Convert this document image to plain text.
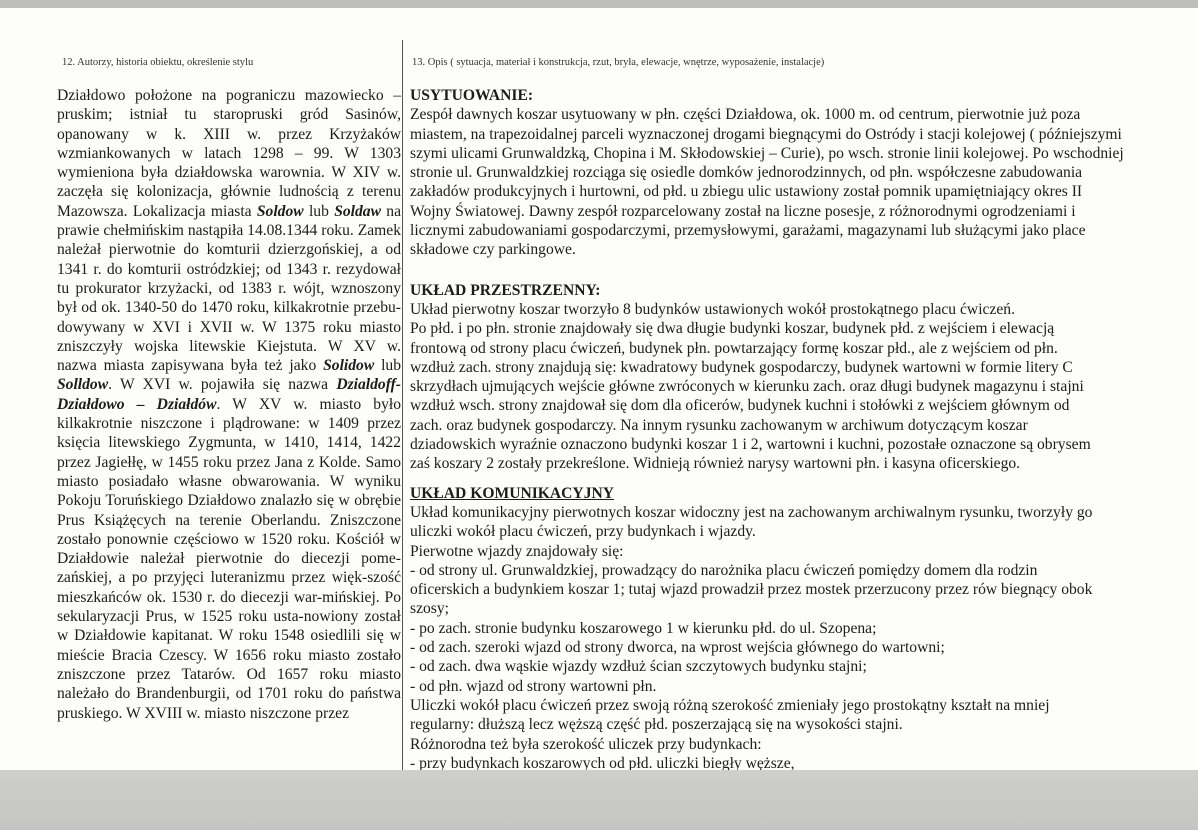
12. Autorzy, historia obiektu, określenie stylu	13. Opis ( sytuacja, materiał i konstrukcja, rzut, bryła, elewacje, wnętrze, wyposażenie, instalacje)

Działdowo położone na pograniczu mazowiecko – pruskim; istniał tu staropruski gród Sasinów, opanowany w k. XIII w. przez Krzyżaków wzmiankowanych w latach 1298 – 99. W 1303 wymieniona była działdowska warownia. W XIV w. zaczęła się kolonizacja, głównie ludnością z terenu Mazowsza. Lokalizacja miasta Soldow lub Soldaw na prawie chełmińskim nastąpiła 14.08.1344 roku. Zamek należał pierwotnie do komturii dzierzgońskiej, a od 1341 r. do komturii ostródzkiej; od 1343 r. rezydował tu prokurator krzyżacki, od 1383 r. wójt, wznoszony był od ok. 1340-50 do 1470 roku, kilkakrotnie przebu-dowywany w XVI i XVII w. W 1375 roku miasto zniszczyły wojska litewskie Kiejstuta. W XV w. nazwa miasta zapisywana była też jako Solidow lub Solldow. W XVI w. pojawiła się nazwa Dzialdoff- Działdowo – Działdów. W XV w. miasto było kilkakrotnie niszczone i plądrowane: w 1409 przez księcia litewskiego Zygmunta, w 1410, 1414, 1422 przez Jagiełłę, w 1455 roku przez Jana z Kolde. Samo miasto posiadało własne obwarowania. W wyniku Pokoju Toruńskiego Działdowo znalazło się w obrębie Prus Książęcych na terenie Oberlandu. Zniszczone zostało ponownie częściowo w 1520 roku. Kościół w Działdowie należał pierwotnie do diecezji pome-zańskiej, a po przyjęci luteranizmu przez więk-szość mieszkańców ok. 1530 r. do diecezji war-mińskiej. Po sekularyzacji Prus, w 1525 roku usta-nowiony został w Działdowie kapitanat. W roku 1548 osiedlili się w mieście Bracia Czescy. W 1656 roku miasto zostało zniszczone przez Tatarów. Od 1657 roku miasto należało do Brandenburgii, od 1701 roku do państwa pruskiego. W XVIII w. miasto niszczone przez

USYTUOWANIE:
Zespół dawnych koszar usytuowany w płn. części Działdowa, ok. 1000 m. od centrum, pierwotnie już poza
miastem, na trapezoidalnej parceli wyznaczonej drogami biegnącymi do Ostródy i stacji kolejowej ( późniejszymi
szymi ulicami Grunwaldzką, Chopina i M. Skłodowskiej – Curie), po wsch. stronie linii kolejowej. Po wschodniej
stronie ul. Grunwaldzkiej rozciąga się osiedle domków jednorodzinnych, od płn. współczesne zabudowania
zakładów produkcyjnych i hurtowni, od płd. u zbiegu ulic ustawiony został pomnik upamiętniający okres II
Wojny Światowej. Dawny zespół rozparcelowany został na liczne posesje, z różnorodnymi ogrodzeniami i
licznymi zabudowaniami gospodarczymi, przemysłowymi, garażami, magazynami lub służącymi jako place
składowe czy parkingowe.
UKŁAD PRZESTRZENNY:
Układ pierwotny koszar tworzyło 8 budynków ustawionych wokół prostokątnego placu ćwiczeń.
Po płd. i po płn. stronie znajdowały się dwa długie budynki koszar, budynek płd. z wejściem i elewacją
frontową od strony placu ćwiczeń, budynek płn. powtarzający formę koszar płd., ale z wejściem od płn.
wzdłuż zach. strony znajdują się: kwadratowy budynek gospodarczy, budynek wartowni w formie litery C
skrzydłach ujmujących wejście główne zwróconych w kierunku zach. oraz długi budynek magazynu i stajni
wzdłuż wsch. strony znajdował się dom dla oficerów, budynek kuchni i stołówki z wejściem głównym od
zach. oraz budynek gospodarczy. Na innym rysunku zachowanym w archiwum dotyczącym koszar
dziadowskich wyraźnie oznaczono budynki koszar 1 i 2, wartowni i kuchni, pozostałe oznaczone są obrysem
zaś koszary 2 zostały przekreślone. Widnieją również narysy wartowni płn. i kasyna oficerskiego.
UKŁAD KOMUNIKACYJNY
Układ komunikacyjny pierwotnych koszar widoczny jest na zachowanym archiwalnym rysunku, tworzyły go
uliczki wokół placu ćwiczeń, przy budynkach i wjazdy.
Pierwotne wjazdy znajdowały się:
- od strony ul. Grunwaldzkiej, prowadzący do narożnika placu ćwiczeń pomiędzy domem dla rodzin
oficerskich a budynkiem koszar 1; tutaj wjazd prowadził przez mostek przerzucony przez rów biegnący obok
szosy;
- po zach. stronie budynku koszarowego 1 w kierunku płd. do ul. Szopena;
- od zach. szeroki wjazd od strony dworca, na wprost wejścia głównego do wartowni;
- od zach. dwa wąskie wjazdy wzdłuż ścian szczytowych budynku stajni;
- od płn. wjazd od strony wartowni płn.
Uliczki wokół placu ćwiczeń przez swoją różną szerokość zmieniały jego prostokątny kształt na mniej
regularny: dłuższą lecz węższą część płd. poszerzającą się na wysokości stajni.
Różnorodna też była szerokość uliczek przy budynkach:
- przy budynkach koszarowych od płd. uliczki biegły węższe,
